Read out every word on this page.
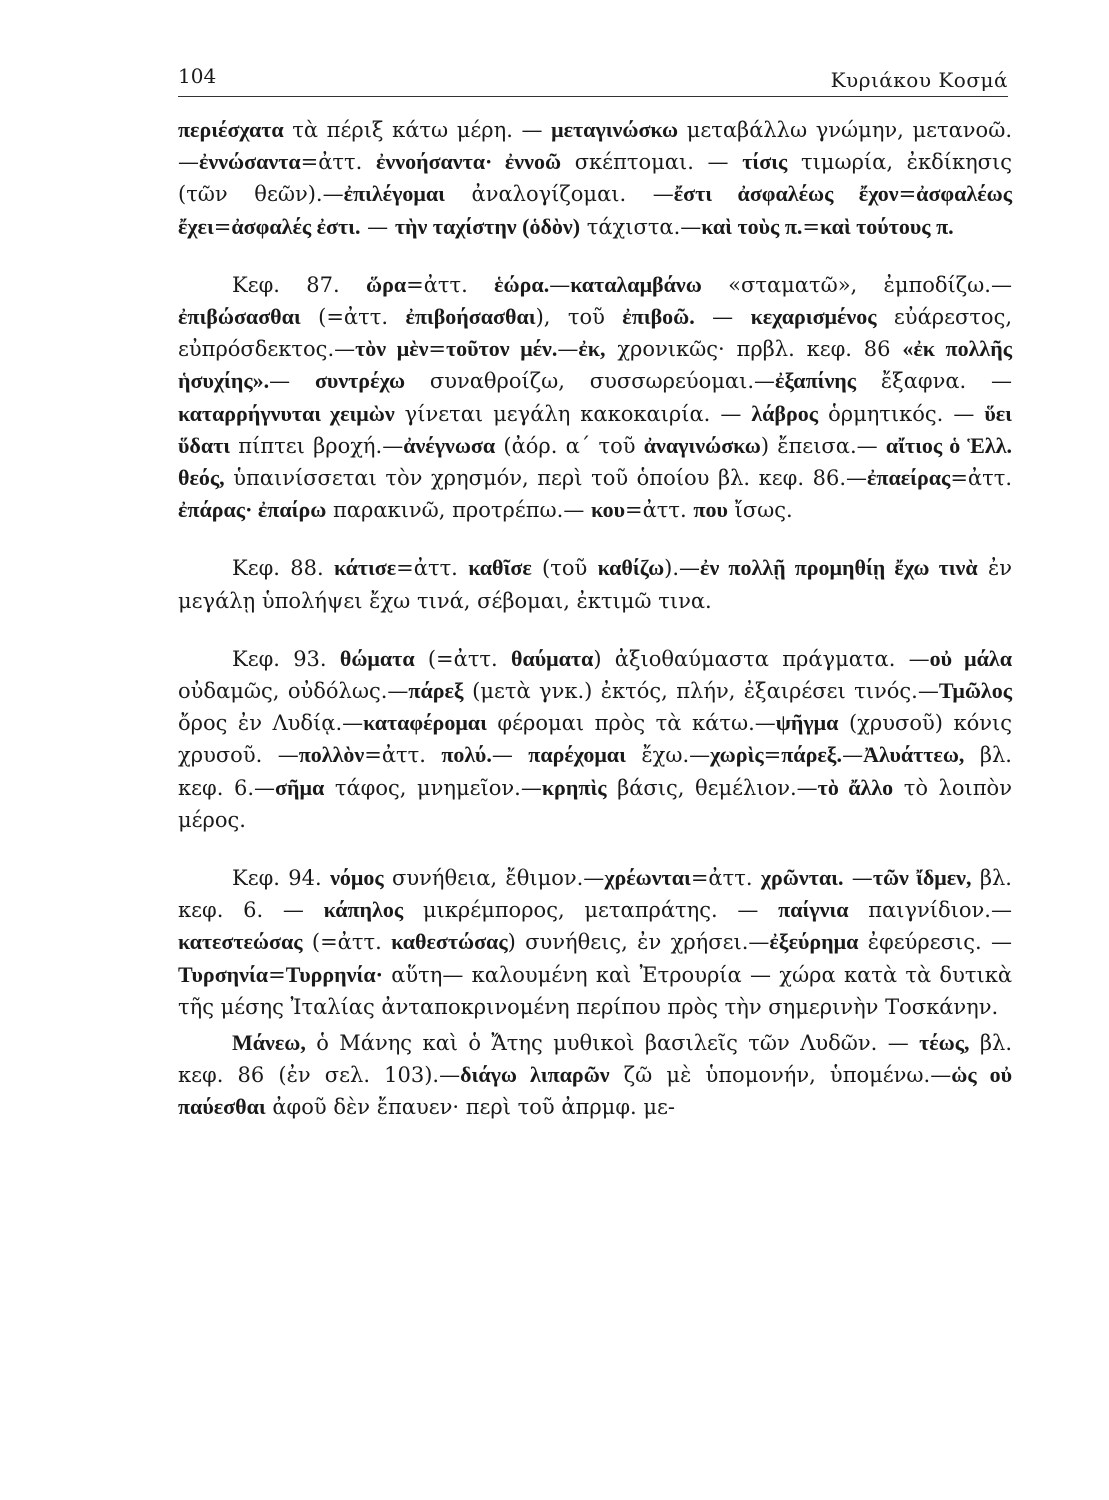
104	Κυριάκου Κοσμά

περιέσχατα τὰ πέριξ κάτω μέρη. — μεταγινώσκω μεταβάλλω γνώμην, μετανοῶ.—ἐννώσαντα=ἀττ. ἐννοήσαντα· ἐννοῶ σκέπτομαι. — τίσις τιμωρία, ἐκδίκησις (τῶν θεῶν).—ἐπιλέγομαι ἀναλογίζομαι. —ἔστι ἀσφαλέως ἔχον=ἀσφαλέως ἔχει=ἀσφαλές ἐστι. — τὴν ταχίστην (ὁδὸν) τάχιστα.—καὶ τοὺς π.=καὶ τούτους π.

Κεφ. 87. ὥρα=ἀττ. ἑώρα.—καταλαμβάνω «σταματῶ», ἐμποδίζω.—ἐπιβώσασθαι (=ἀττ. ἐπιβοήσασθαι), τοῦ ἐπιβοῶ. — κεχαρισμένος εὐάρεστος, εὐπρόσδεκτος.—τὸν μὲν=τοῦτον μέν.—ἐκ, χρονικῶς· πρβλ. κεφ. 86 «ἐκ πολλῆς ἡσυχίης».— συντρέχω συναθροίζω, συσσωρεύομαι.—ἐξαπίνης ἔξαφνα. — καταρρήγνυται χειμὼν γίνεται μεγάλη κακοκαιρία. — λάβρος ὁρμητικός. — ὕει ὕδατι πίπτει βροχή.—ἀνέγνωσα (ἀόρ. α΄ τοῦ ἀναγινώσκω) ἔπεισα.— αἴτιος ὁ Ἑλλ. θεός, ὑπαινίσσεται τὸν χρησμόν, περὶ τοῦ ὁποίου βλ. κεφ. 86.—ἐπαείρας=ἀττ. ἐπάρας· ἐπαίρω παρακινῶ, προτρέπω.— κου=ἀττ. που ἴσως.

Κεφ. 88. κάτισε=ἀττ. καθῖσε (τοῦ καθίζω).—ἐν πολλῇ προμηθίῃ ἔχω τινὰ ἐν μεγάλῃ ὑπολήψει ἔχω τινά, σέβομαι, ἐκτιμῶ τινα.

Κεφ. 93. θώματα (=ἀττ. θαύματα) ἀξιοθαύμαστα πράγματα. —οὐ μάλα οὐδαμῶς, οὐδόλως.—πάρεξ (μετὰ γνκ.) ἐκτός, πλήν, ἐξαιρέσει τινός.—Τμῶλος ὄρος ἐν Λυδίᾳ.—καταφέρομαι φέρομαι πρὸς τὰ κάτω.—ψῆγμα (χρυσοῦ) κόνις χρυσοῦ. —πολλὸν=ἀττ. πολύ.— παρέχομαι ἔχω.—χωρὶς=πάρεξ.—Ἀλυάττεω, βλ. κεφ. 6.—σῆμα τάφος, μνημεῖον.—κρηπὶς βάσις, θεμέλιον.—τὸ ἄλλο τὸ λοιπὸν μέρος.

Κεφ. 94. νόμος συνήθεια, ἔθιμον.—χρέωνται=ἀττ. χρῶνται. —τῶν ἴδμεν, βλ. κεφ. 6. — κάπηλος μικρέμπορος, μεταπράτης. — παίγνια παιγνίδιον.—κατεστεώσας (=ἀττ. καθεστώσας) συνήθεις, ἐν χρήσει.—ἐξεύρημα ἐφεύρεσις. — Τυρσηνία=Τυρρηνία· αὕτη— καλουμένη καὶ Ἐτρουρία — χώρα κατὰ τὰ δυτικὰ τῆς μέσης Ἰταλίας ἀνταποκρινομένη περίπου πρὸς τὴν σημερινὴν Τοσκάνην.

Μάνεω, ὁ Μάνης καὶ ὁ Ἄτης μυθικοὶ βασιλεῖς τῶν Λυδῶν. — τέως, βλ. κεφ. 86 (ἐν σελ. 103).—διάγω λιπαρῶν ζῶ μὲ ὑπομονήν, ὑπομένω.—ὡς οὐ παύεσθαι ἀφοῦ δὲν ἔπαυεν· περὶ τοῦ ἀπρμφ. με-
